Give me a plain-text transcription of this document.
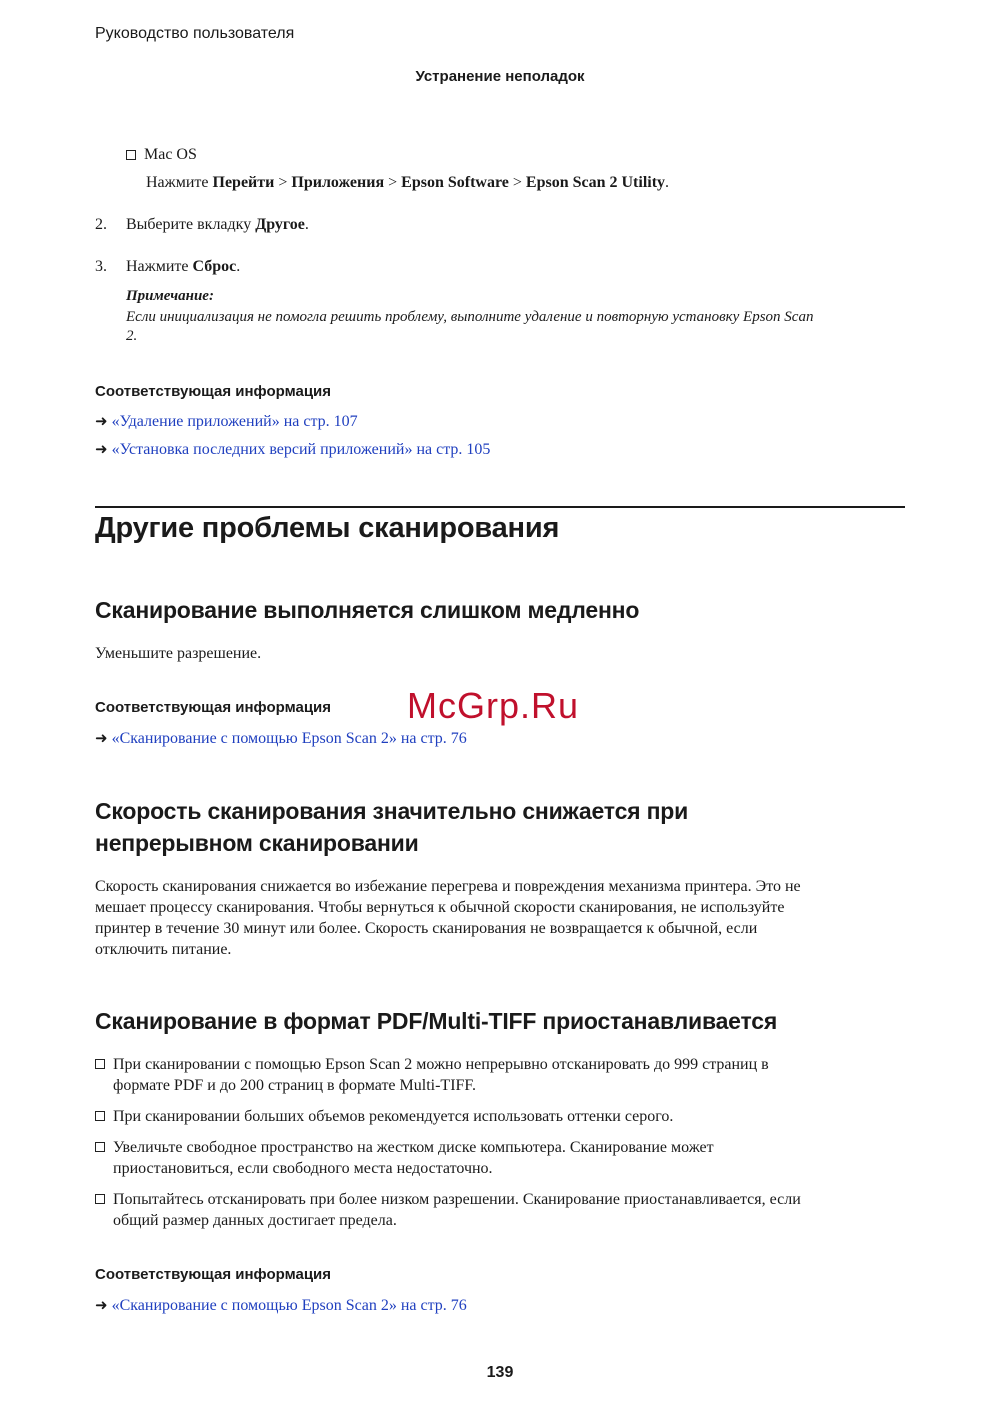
Руководство пользователя
Устранение неполадок
Mac OS
Нажмите Перейти > Приложения > Epson Software > Epson Scan 2 Utility.
2. Выберите вкладку Другое.
3. Нажмите Сброс.
Примечание:
Если инициализация не помогла решить проблему, выполните удаление и повторную установку Epson Scan
2.
Соответствующая информация
➜ «Удаление приложений» на стр. 107
➜ «Установка последних версий приложений» на стр. 105
Другие проблемы сканирования
Сканирование выполняется слишком медленно
Уменьшите разрешение.
Соответствующая информация
➜ «Сканирование с помощью Epson Scan 2» на стр. 76
McGrp.Ru
Скорость сканирования значительно снижается при
непрерывном сканировании
Скорость сканирования снижается во избежание перегрева и повреждения механизма принтера. Это не
мешает процессу сканирования. Чтобы вернуться к обычной скорости сканирования, не используйте
принтер в течение 30 минут или более. Скорость сканирования не возвращается к обычной, если
отключить питание.
Сканирование в формат PDF/Multi-TIFF приостанавливается
При сканировании с помощью Epson Scan 2 можно непрерывно отсканировать до 999 страниц в
формате PDF и до 200 страниц в формате Multi-TIFF.
При сканировании больших объемов рекомендуется использовать оттенки серого.
Увеличьте свободное пространство на жестком диске компьютера. Сканирование может
приостановиться, если свободного места недостаточно.
Попытайтесь отсканировать при более низком разрешении. Сканирование приостанавливается, если
общий размер данных достигает предела.
Соответствующая информация
➜ «Сканирование с помощью Epson Scan 2» на стр. 76
139
